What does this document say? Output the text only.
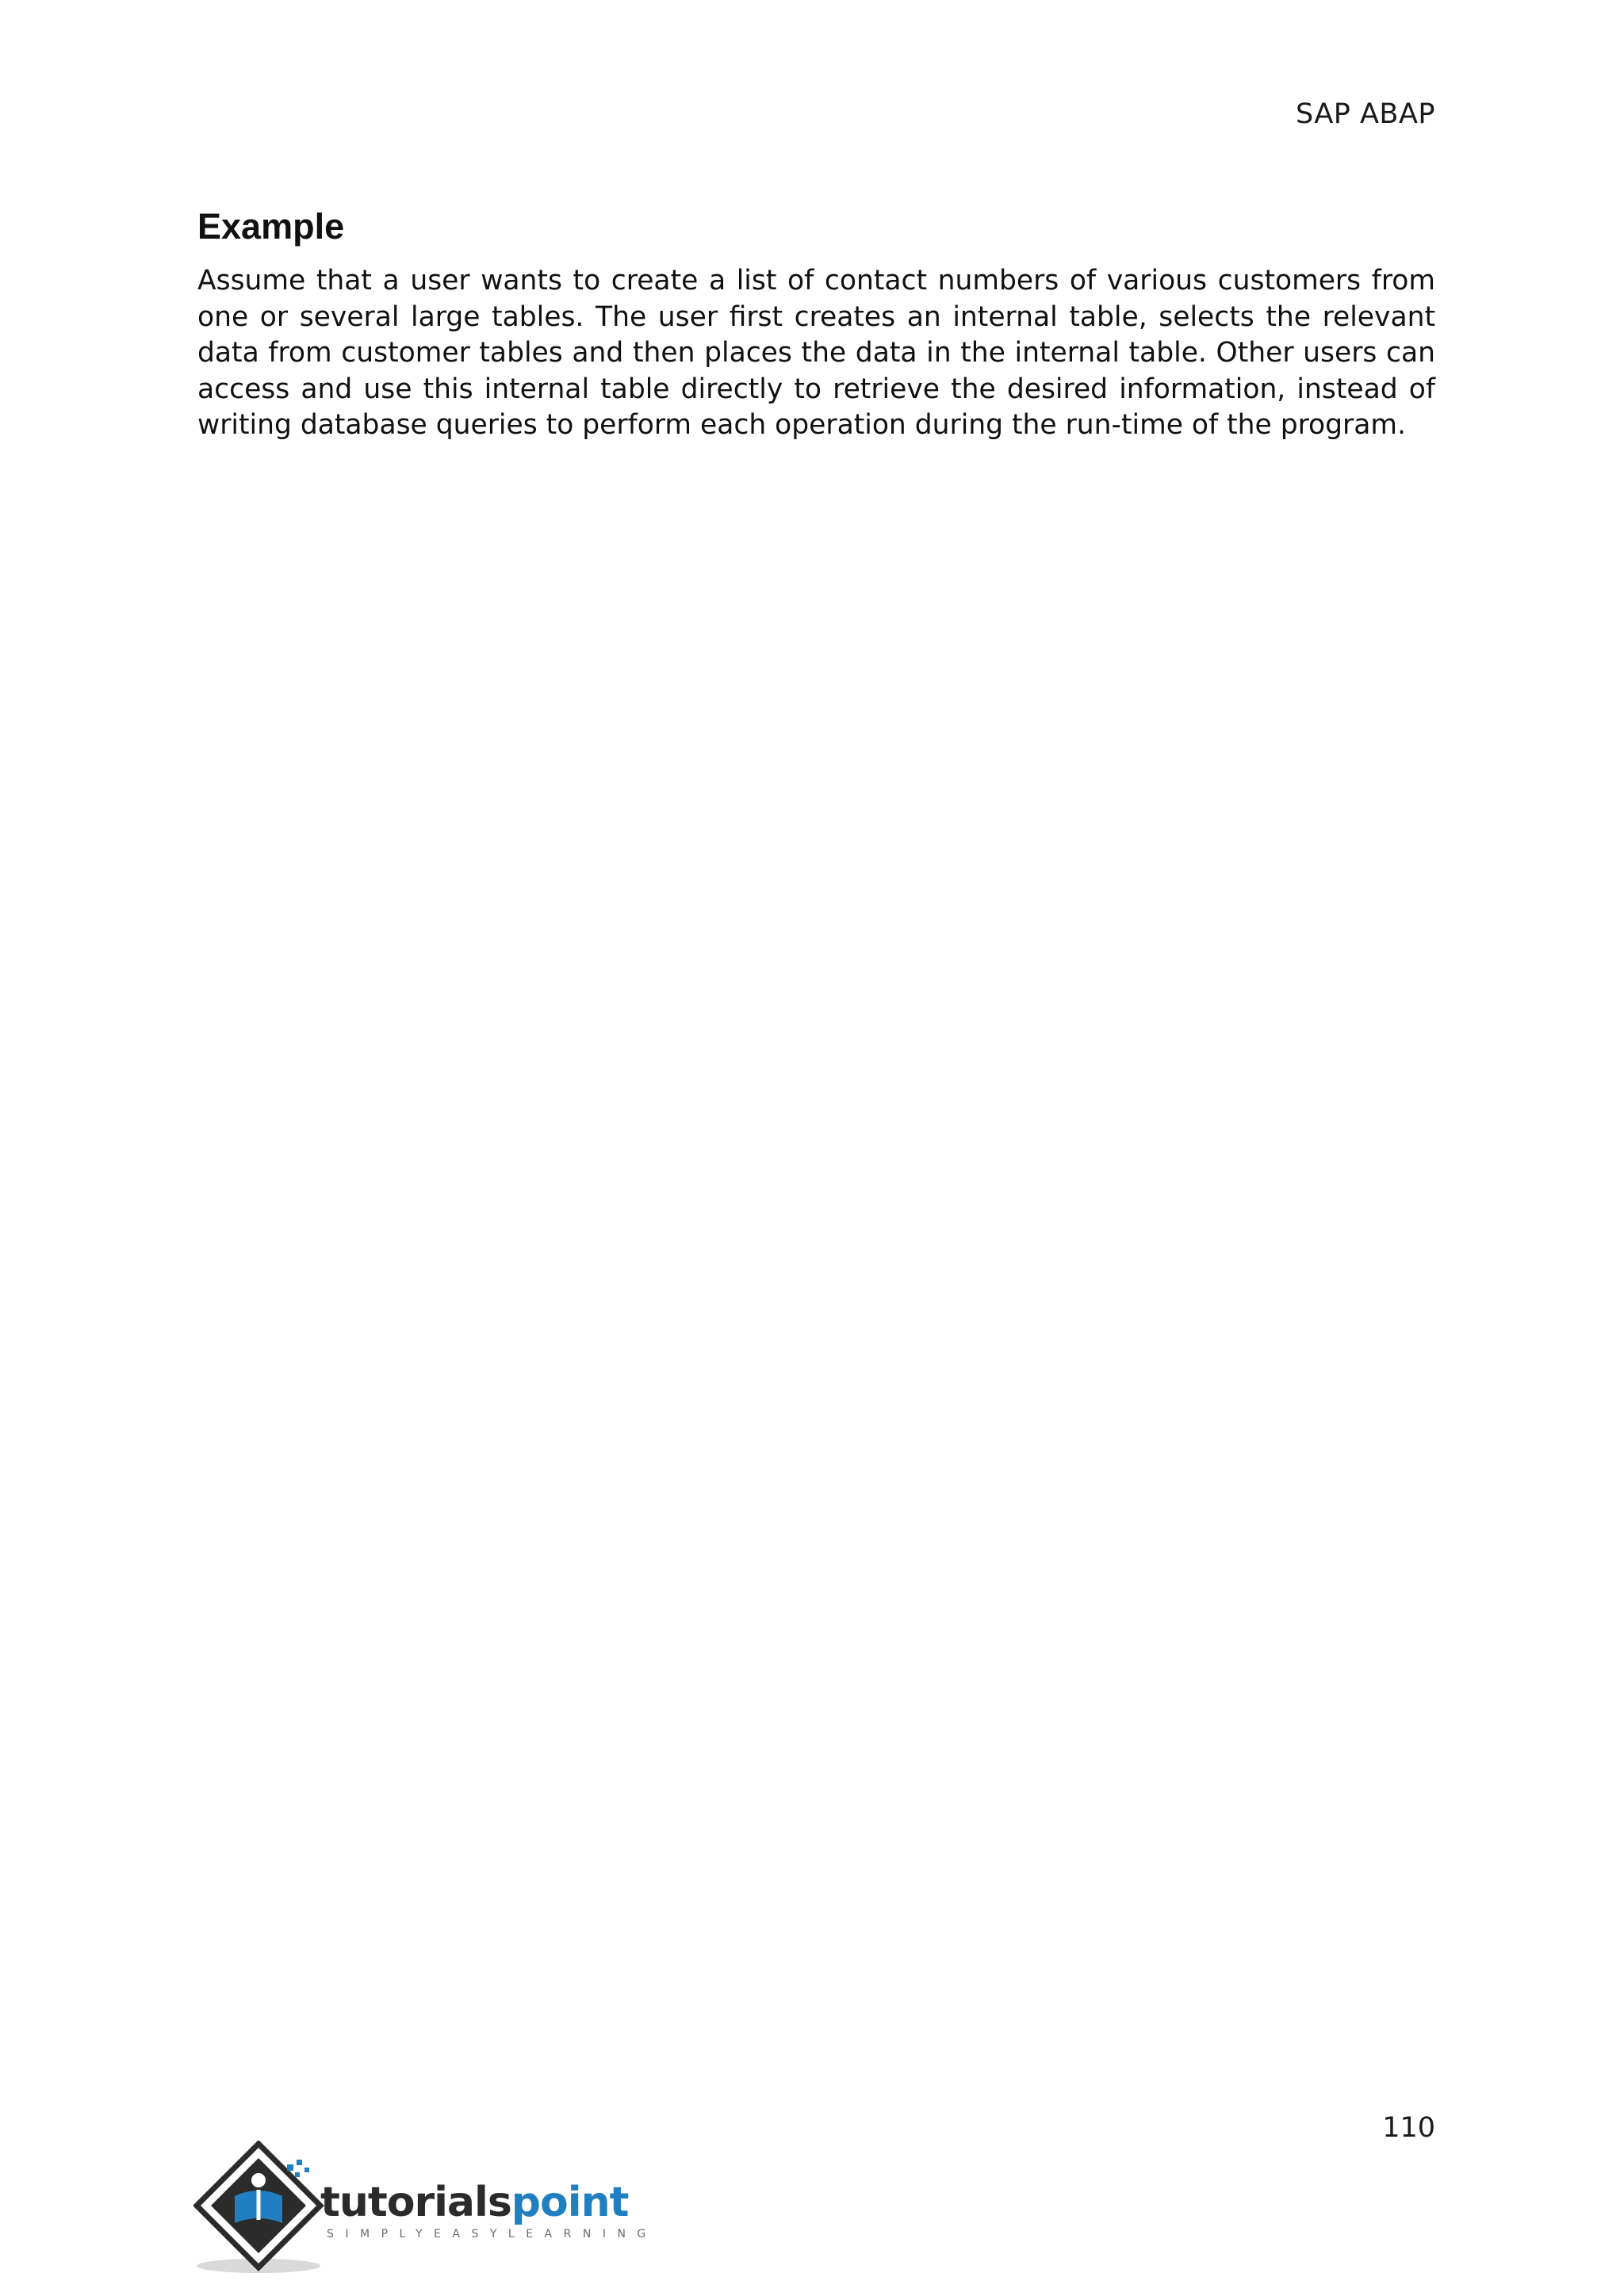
SAP ABAP
Example

Assume that a user wants to create a list of contact numbers of various customers from one or several large tables. The user first creates an internal table, selects the relevant data from customer tables and then places the data in the internal table. Other users can access and use this internal table directly to retrieve the desired information, instead of writing database queries to perform each operation during the run-time of the program.

110
tutorialspoint
SIMPLYEASYLEARNING
